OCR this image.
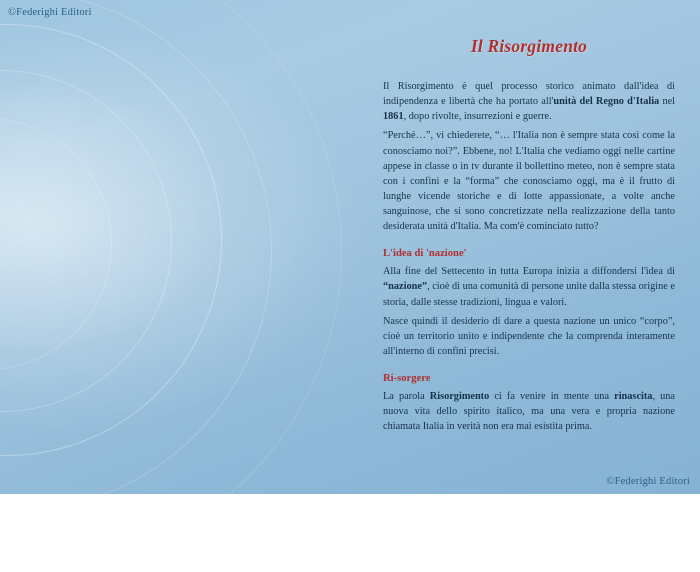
©Federighi Editori
Il Risorgimento

Il Risorgimento è quel processo storico animato dall'idea di indipendenza e libertà che ha portato all'unità del Regno d'Italia nel 1861, dopo rivolte, insurrezioni e guerre.

“Perché…”, vi chiederete, “… l'Italia non è sempre stata così come la conosciamo noi?”. Ebbene, no! L'Italia che vediamo oggi nelle cartine appese in classe o in tv durante il bollettino meteo, non è sempre stata con i confini e la “forma” che conosciamo oggi, ma è il frutto di lunghe vicende storiche e di lotte appassionate, a volte anche sanguinose, che si sono concretizzate nella realizzazione della tanto desiderata unità d'Italia. Ma com'è cominciato tutto?

L'idea di 'nazione'

Alla fine del Settecento in tutta Europa inizia a diffondersi l'idea di “nazione”, cioè di una comunità di persone unite dalla stessa origine e storia, dalle stesse tradizioni, lingua e valori.

Nasce quindi il desiderio di dare a questa nazione un unico “corpo”, cioè un territorio unito e indipendente che la comprenda interamente all'interno di confini precisi.

Ri-sorgere

La parola Risorgimento ci fa venire in mente una rinascita, una nuova vita dello spirito italico, ma una vera e propria nazione chiamata Italia in verità non era mai esistita prima.

©Federighi Editori
